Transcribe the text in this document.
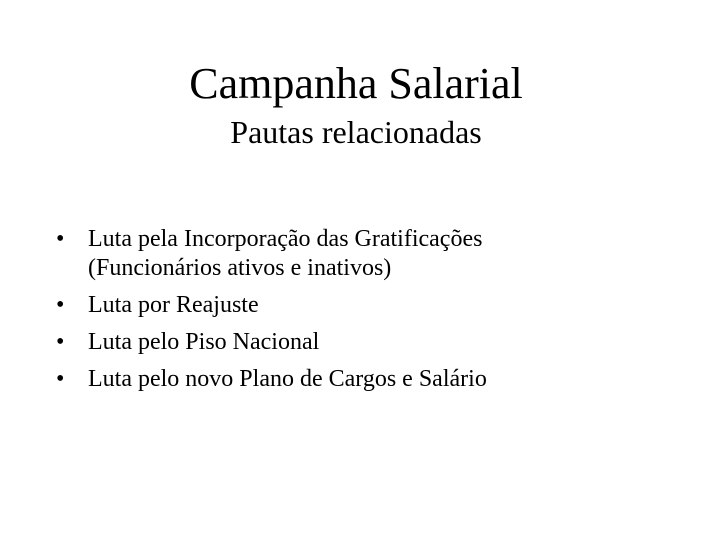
Campanha Salarial
Pautas relacionadas
• Luta pela Incorporação das Gratificações
(Funcionários ativos e inativos)
• Luta por Reajuste
• Luta pelo Piso Nacional
• Luta pelo novo Plano de Cargos e Salário
